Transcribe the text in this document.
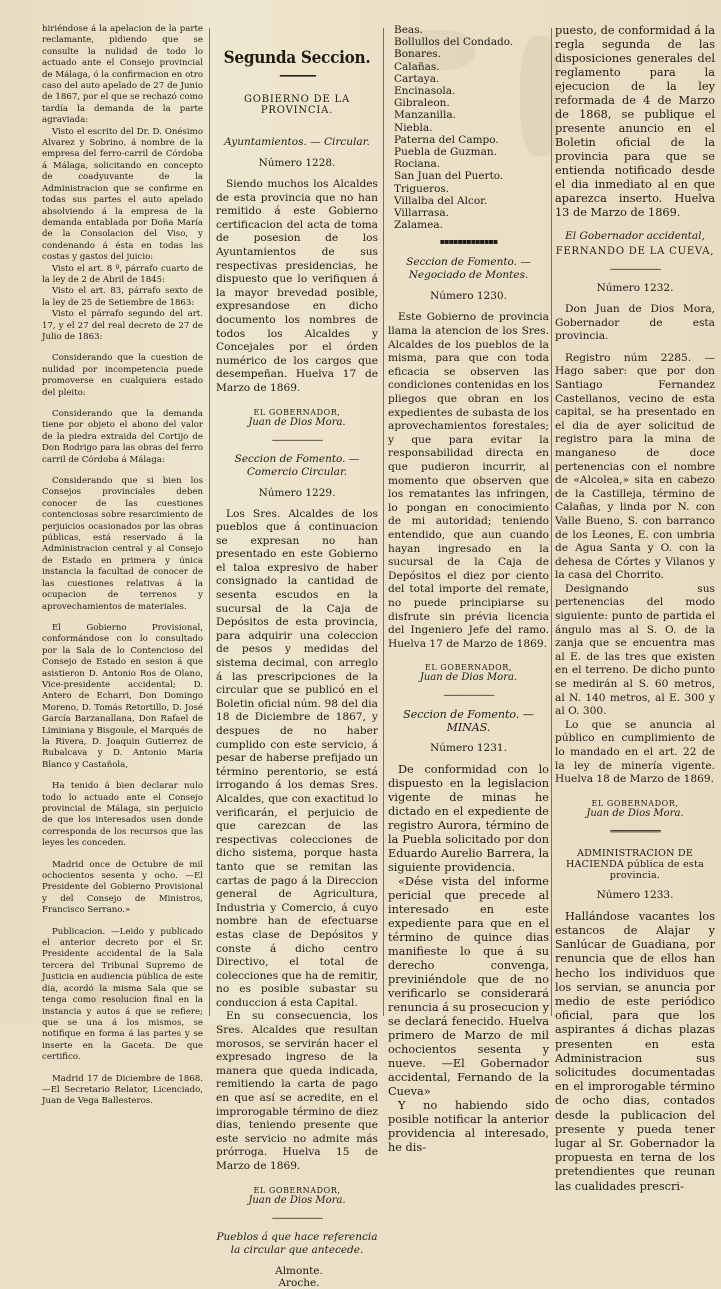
hiriéndose á la apelacion de la parte reclamante, pidiendo que se consulte la nulidad de todo lo actuado ante el Consejo provincial de Málaga, ó la confirmacion en otro caso del auto apelado de 27 de Junio de 1867, por el que se rechazó como tardía la demanda de la parte agraviada:

Visto el escrito del Dr. D. Onésimo Alvarez y Sobrino, á nombre de la empresa del ferro-carril de Córdoba á Málaga, solicitando en concepto de coadyuvante de la Administracion que se confirme en todas sus partes el auto apelado absolviendo á la empresa de la demanda entablada por Doña María de la Consolacion del Viso, y condenando á ésta en todas las costas y gastos del juicio:

Visto el art. 8 º, párrafo cuarto de la ley de 2 de Abril de 1845:

Visto el art. 83, párrafo sexto de la ley de 25 de Setiembre de 1863:

Visto el párrafo segundo del art. 17, y el 27 del real decreto de 27 de Julio de 1863:

Considerando que la cuestion de nulidad por incompetencia puede promoverse en cualquiera estado del pleito:

Considerando que la demanda tiene por objeto el abono del valor de la piedra extraida del Cortijo de Don Rodrigo para las obras del ferro carril de Córdoba á Málaga:

Considerando que si bien los Consejos provinciales deben conocer de las cuestiones contenciosas sobre resarcimiento de perjuicios ocasionados por las obras públicas, está reservado á la Administracion central y al Consejo de Estado en primera y única instancia la facultad de conocer de las cuestiones relativas á la ocupacion de terrenos y aprovechamientos de materiales.

El Gobierno Provisional, conformándose con lo consultado por la Sala de lo Contencioso del Consejo de Estado en sesion á que asistieron D. Antonio Ros de Olano, Vice-presidente accidental; D. Antero de Echarri, Don Domingo Moreno, D. Tomás Retortillo, D. José García Barzanallana, Don Rafael de Liminiana y Bisgoule, el Marqués de la Rivera, D. Joaquin Gutierrez de Rubalcava y D. Antonio Maria Blanco y Castañola,

Ha tenido á bien declarar nulo todo lo actuado ante el Consejo provincial de Málaga, sin perjuicio de que los interesados usen donde corresponda de los recursos que las leyes les conceden.

Madrid once de Octubre de mil ochocientos sesenta y ocho. —El Presidente del Gobierno Provisional y del Consejo de Ministros, Francisco Serrano.»

Publicacion. —Leido y publicado el anterior decreto por el Sr. Presidente accidental de la Sala tercera del Tribunal Supremo de Justicia en audiencia pública de este dia, acordó la misma Sala que se tenga como resolucion final en la instancia y autos á que se refiere; que se una á los mismos, se notifique en forma á las partes y se inserte en la Gaceta. De que certifico.

Madrid 17 de Diciembre de 1868. —El Secretario Relator, Licenciado, Juan de Vega Ballesteros.

Segunda Seccion.
━━━━━━━━━━
GOBIERNO DE LA PROVINCIA.
Ayuntamientos. — Circular.
Número 1228.

Siendo muchos los Alcaldes de esta provincia que no han remitido á este Gobierno certificacion del acta de toma de posesion de los Ayuntamientos de sus respectivas presidencias, he dispuesto que lo verifiquen á la mayor brevedad posible, expresandose en dicho documento los nombres de todos los Alcaldes y Concejales por el órden numérico de los cargos que desempeñan. Huelva 17 de Marzo de 1869.

EL GOBERNADOR,
Juan de Dios Mora.
─────────────
Seccion de Fomento. — Comercio Circular.
Número 1229.

Los Sres. Alcaldes de los pueblos que á continuacion se expresan no han presentado en este Gobierno el taloa expresivo de haber consignado la cantidad de sesenta escudos en la sucursal de la Caja de Depósitos de esta provincia, para adquirir una coleccion de pesos y medidas del sistema decimal, con arreglo á las prescripciones de la circular que se publicó en el Boletin oficial núm. 98 del dia 18 de Diciembre de 1867, y despues de no haber cumplido con este servicio, á pesar de haberse prefijado un término perentorio, se está irrogando á los demas Sres. Alcaldes, que con exactitud lo verificarán, el perjuicio de que carezcan de las respectivas colecciones de dicho sistema, porque hasta tanto que se remitan las cartas de pago á la Direccion general de Agricultura, Industria y Comercio, á cuyo nombre han de efectuarse estas clase de Depósitos y conste á dicho centro Directivo, el total de colecciones que ha de remitir, no es posible subastar su conduccion á esta Capital.

En su consecuencia, los Sres. Alcaldes que resultan morosos, se servirán hacer el expresado ingreso de la manera que queda indicada, remitiendo la carta de pago en que así se acredite, en el improrogable término de diez dias, teniendo presente que este servicio no admite más prórroga. Huelva 15 de Marzo de 1869.

EL GOBERNADOR,
Juan de Dios Mora.
─────────────
Pueblos á que hace referencia la circular que antecede.

Almonte.

Aroche.

Beas.

Bollullos del Condado.

Bonares.

Calañas.

Cartaya.

Encinasola.

Gibraleon.

Manzanilla.

Niebla.

Paterna del Campo.

Puebla de Guzman.

Rociana.

San Juan del Puerto.

Trigueros.

Villalba del Alcor.

Villarrasa.

Zalamea.

▪▪▪▪▪▪▪▪▪▪▪▪▪
Seccion de Fomento. — Negociado de Montes.
Número 1230.

Este Gobierno de provincia llama la atencion de los Sres. Alcaldes de los pueblos de la misma, para que con toda eficacia se observen las condiciones contenidas en los pliegos que obran en los expedientes de subasta de los aprovechamientos forestales; y que para evitar la responsabilidad directa en que pudieron incurrir, al momento que observen que los rematantes las infringen, lo pongan en conocimiento de mi autoridad; teniendo entendido, que aun cuando hayan ingresado en la sucursal de la Caja de Depósitos el diez por ciento del total importe del remate, no puede principiarse su disfrute sin prévia licencia del Ingeniero Jefe del ramo. Huelva 17 de Marzo de 1869.

EL GOBERNADOR,
Juan de Dios Mora.
─────────────
Seccion de Fomento. — MINAS.
Número 1231.

De conformidad con lo dispuesto en la legislacion vigente de minas he dictado en el expediente de registro Aurora, término de la Puebla solicitado por don Eduardo Aurelio Barrera, la siguiente providencia.

«Dése vista del informe pericial que precede al interesado en este expediente para que en el término de quince dias manifieste lo que á su derecho convenga, previniéndole que de no verificarlo se considerará renuncia á su prosecucion y se declará fenecido. Huelva primero de Marzo de mil ochocientos sesenta y nueve. —El Gobernador accidental, Fernando de la Cueva»

Y no habiendo sido posible notificar la anterior providencia al interesado, he dis-

puesto, de conformidad á la regla segunda de las disposiciones generales del reglamento para la ejecucion de la ley reformada de 4 de Marzo de 1868, se publique el presente anuncio en el Boletin oficial de la provincia para que se entienda notificado desde el dia inmediato al en que aparezca inserto. Huelva 13 de Marzo de 1869.

El Gobernador accidental,
FERNANDO DE LA CUEVA,
─────────────
Número 1232.

Don Juan de Dios Mora, Gobernador de esta provincia.

Registro núm 2285. — Hago saber: que por don Santiago Fernandez Castellanos, vecino de esta capital, se ha presentado en el dia de ayer solicitud de registro para la mina de manganeso de doce pertenencias con el nombre de «Alcolea,» sita en cabezo de la Castilleja, término de Calañas, y linda por N. con Valle Bueno, S. con barranco de los Leones, E. con umbria de Agua Santa y O. con la dehesa de Córtes y Vilanos y la casa del Chorrito.

Designando sus pertenencias del modo siguiente: punto de partida el ángulo mas al S. O. de la zanja que se encuentra mas al E. de las tres que existen en el terreno. De dicho punto se medirán al S. 60 metros, al N. 140 metros, al E. 300 y al O. 300.

Lo que se anuncia al público en cumplimiento de lo mandado en el art. 22 de la ley de minería vigente. Huelva 18 de Marzo de 1869.

EL GOBERNADOR,
Juan de Dios Mora.
═════════════
ADMINISTRACION DE HACIENDA pública de esta provincia.
Número 1233.

Hallándose vacantes los estancos de Alajar y Sanlúcar de Guadiana, por renuncia que de ellos han hecho los individuos que los servian, se anuncia por medio de este periódico oficial, para que los aspirantes á dichas plazas presenten en esta Administracion sus solicitudes documentadas en el improrogable término de ocho dias, contados desde la publicacion del presente y pueda tener lugar al Sr. Gobernador la propuesta en terna de los pretendientes que reunan las cualidades prescri-
